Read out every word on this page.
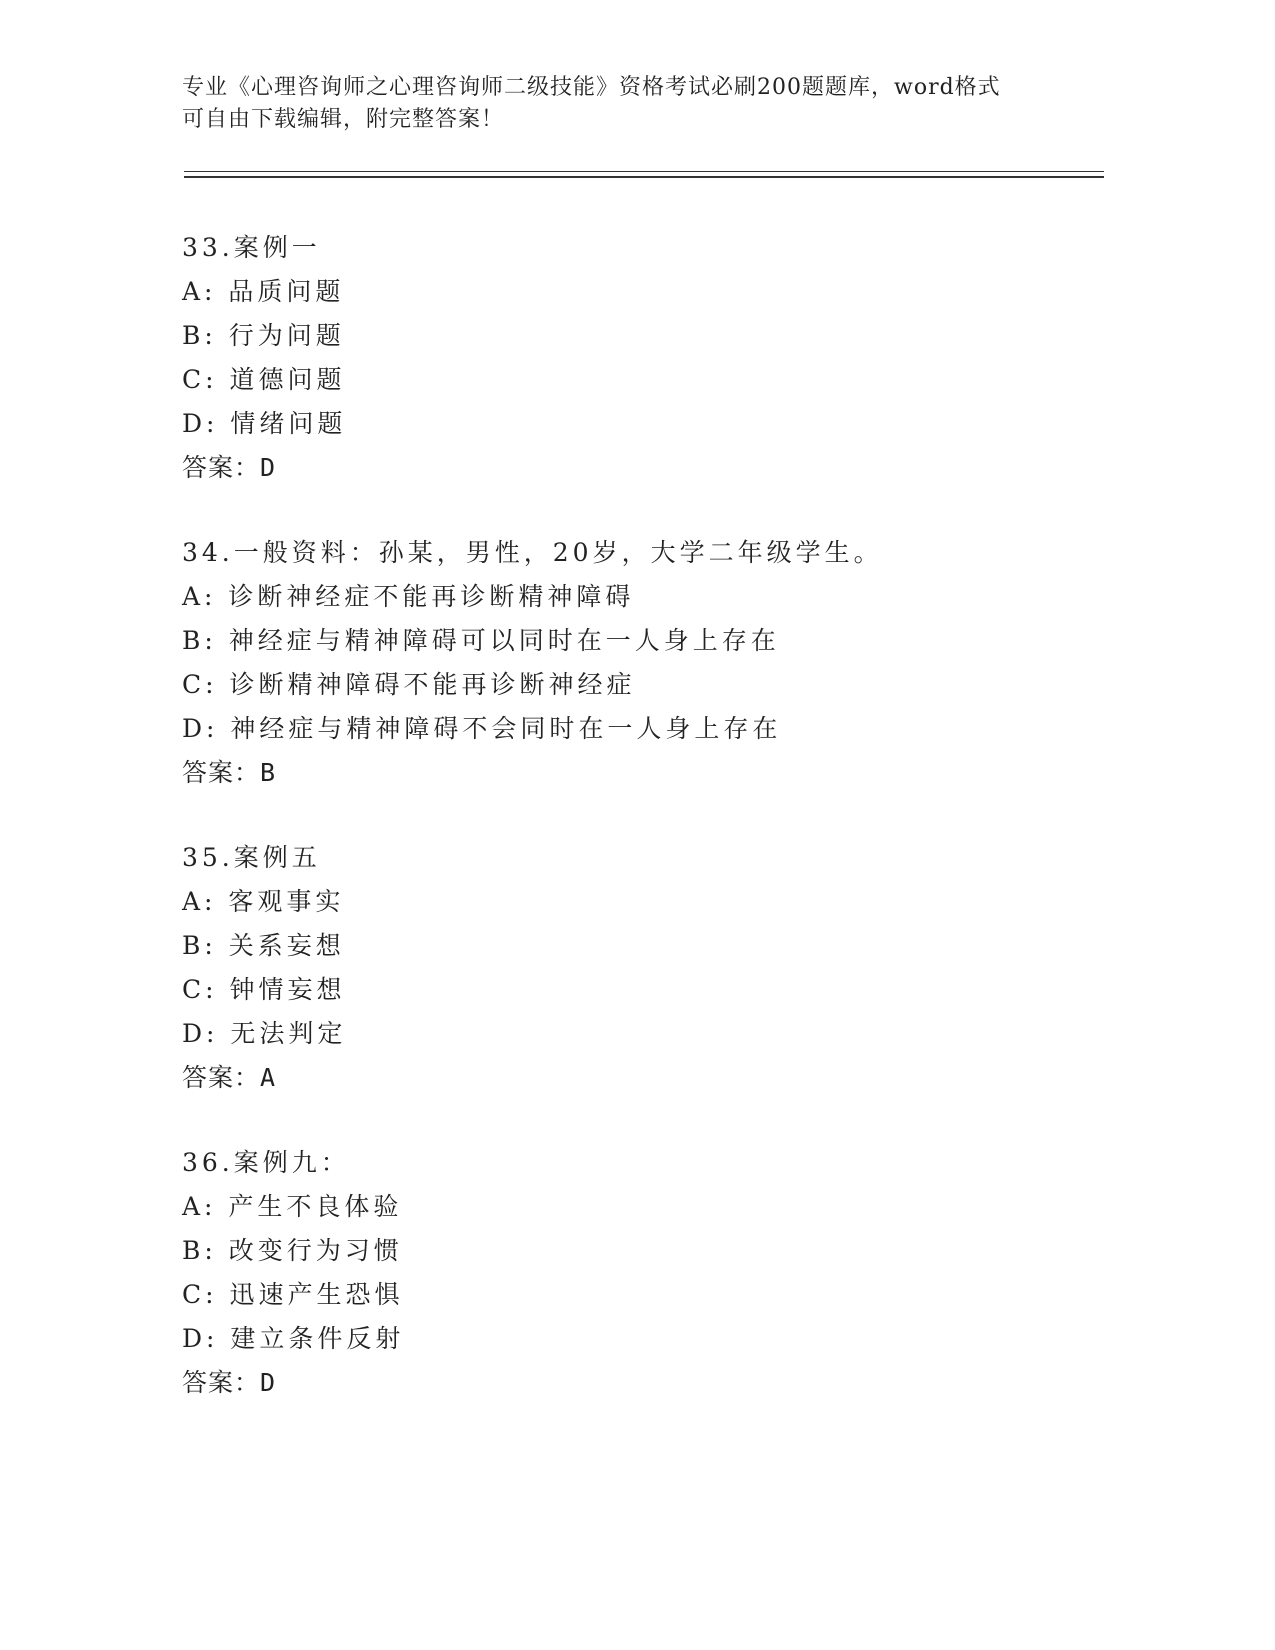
专业《心理咨询师之心理咨询师二级技能》资格考试必刷200题题库，word格式
可自由下载编辑，附完整答案！
33.案例一
A: 品质问题
B: 行为问题
C: 道德问题
D: 情绪问题
答案：D
34.一般资料：孙某，男性，20岁，大学二年级学生。
A: 诊断神经症不能再诊断精神障碍
B: 神经症与精神障碍可以同时在一人身上存在
C: 诊断精神障碍不能再诊断神经症
D: 神经症与精神障碍不会同时在一人身上存在
答案：B
35.案例五
A: 客观事实
B: 关系妄想
C: 钟情妄想
D: 无法判定
答案：A
36.案例九：
A: 产生不良体验
B: 改变行为习惯
C: 迅速产生恐惧
D: 建立条件反射
答案：D
